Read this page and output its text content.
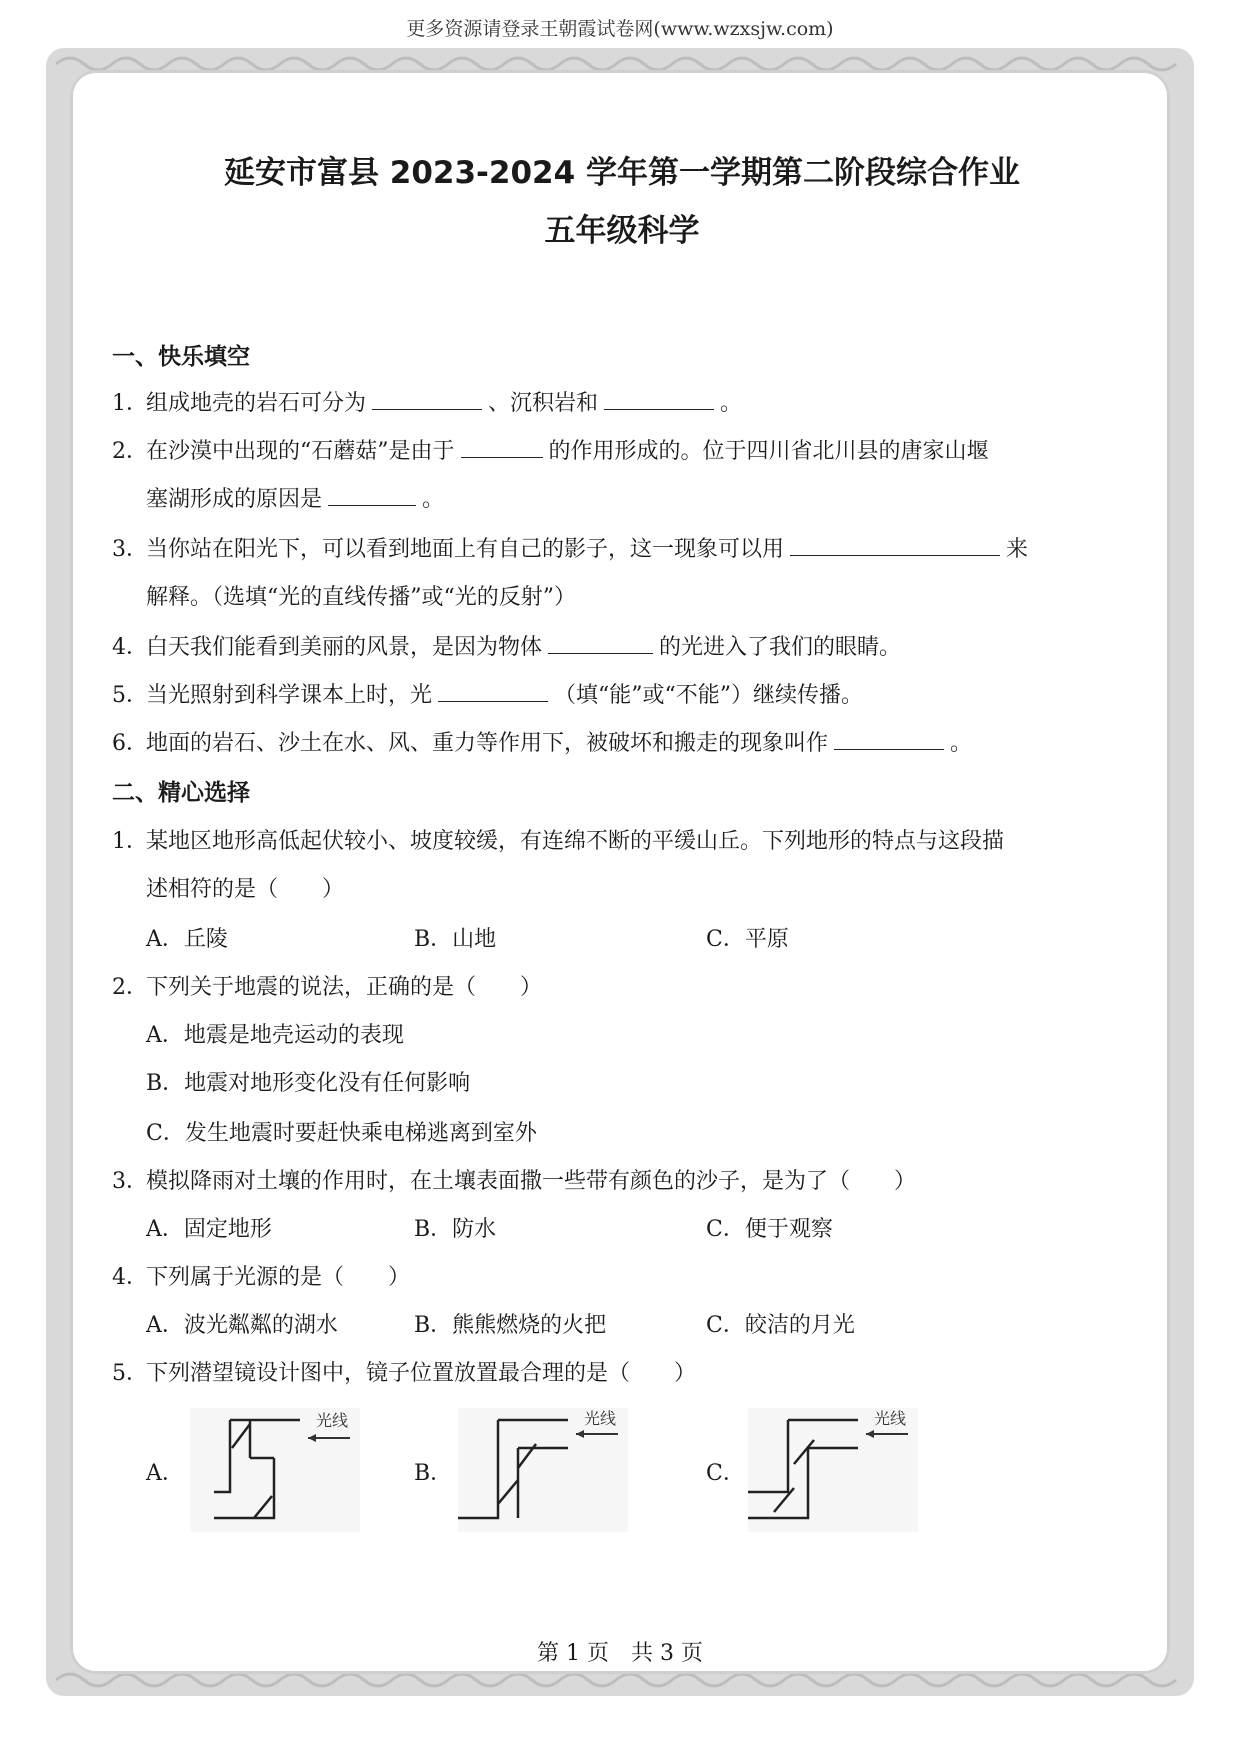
更多资源请登录王朝霞试卷网(www.wzxsjw.com)
延安市富县 2023-2024 学年第一学期第二阶段综合作业
五年级科学
一、快乐填空
1．组成地壳的岩石可分为	、沉积岩和	。
2．在沙漠中出现的“石蘑菇”是由于	的作用形成的。位于四川省北川县的唐家山堰
塞湖形成的原因是	。
3．当你站在阳光下，可以看到地面上有自己的影子，这一现象可以用	来
解释。（选填“光的直线传播”或“光的反射”）
4．白天我们能看到美丽的风景，是因为物体	的光进入了我们的眼睛。
5．当光照射到科学课本上时，光	（填“能”或“不能”）继续传播。
6．地面的岩石、沙土在水、风、重力等作用下，被破坏和搬走的现象叫作	。
二、精心选择
1．某地区地形高低起伏较小、坡度较缓，有连绵不断的平缓山丘。下列地形的特点与这段描
述相符的是（　　）
A．丘陵	B．山地	C．平原
2．下列关于地震的说法，正确的是（　　）
A．地震是地壳运动的表现
B．地震对地形变化没有任何影响
C．发生地震时要赶快乘电梯逃离到室外
3．模拟降雨对土壤的作用时，在土壤表面撒一些带有颜色的沙子，是为了（　　）
A．固定地形	B．防水	C．便于观察
4．下列属于光源的是（　　）
A．波光粼粼的湖水	B．熊熊燃烧的火把	C．皎洁的月光
5．下列潜望镜设计图中，镜子位置放置最合理的是（　　）
A．	B．	C．
光线	光线	光线
第 1 页　共 3 页
